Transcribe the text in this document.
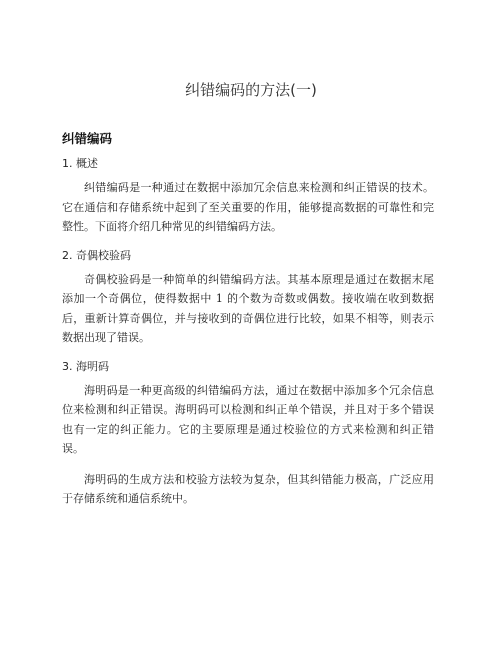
纠错编码的方法(一)
纠错编码
1. 概述

纠错编码是一种通过在数据中添加冗余信息来检测和纠正错误的技术。它在通信和存储系统中起到了至关重要的作用，能够提高数据的可靠性和完整性。下面将介绍几种常见的纠错编码方法。

2. 奇偶校验码

奇偶校验码是一种简单的纠错编码方法。其基本原理是通过在数据末尾添加一个奇偶位，使得数据中 1 的个数为奇数或偶数。接收端在收到数据后，重新计算奇偶位，并与接收到的奇偶位进行比较，如果不相等，则表示数据出现了错误。

3. 海明码

海明码是一种更高级的纠错编码方法，通过在数据中添加多个冗余信息位来检测和纠正错误。海明码可以检测和纠正单个错误，并且对于多个错误也有一定的纠正能力。它的主要原理是通过校验位的方式来检测和纠正错误。

海明码的生成方法和校验方法较为复杂，但其纠错能力极高，广泛应用于存储系统和通信系统中。
